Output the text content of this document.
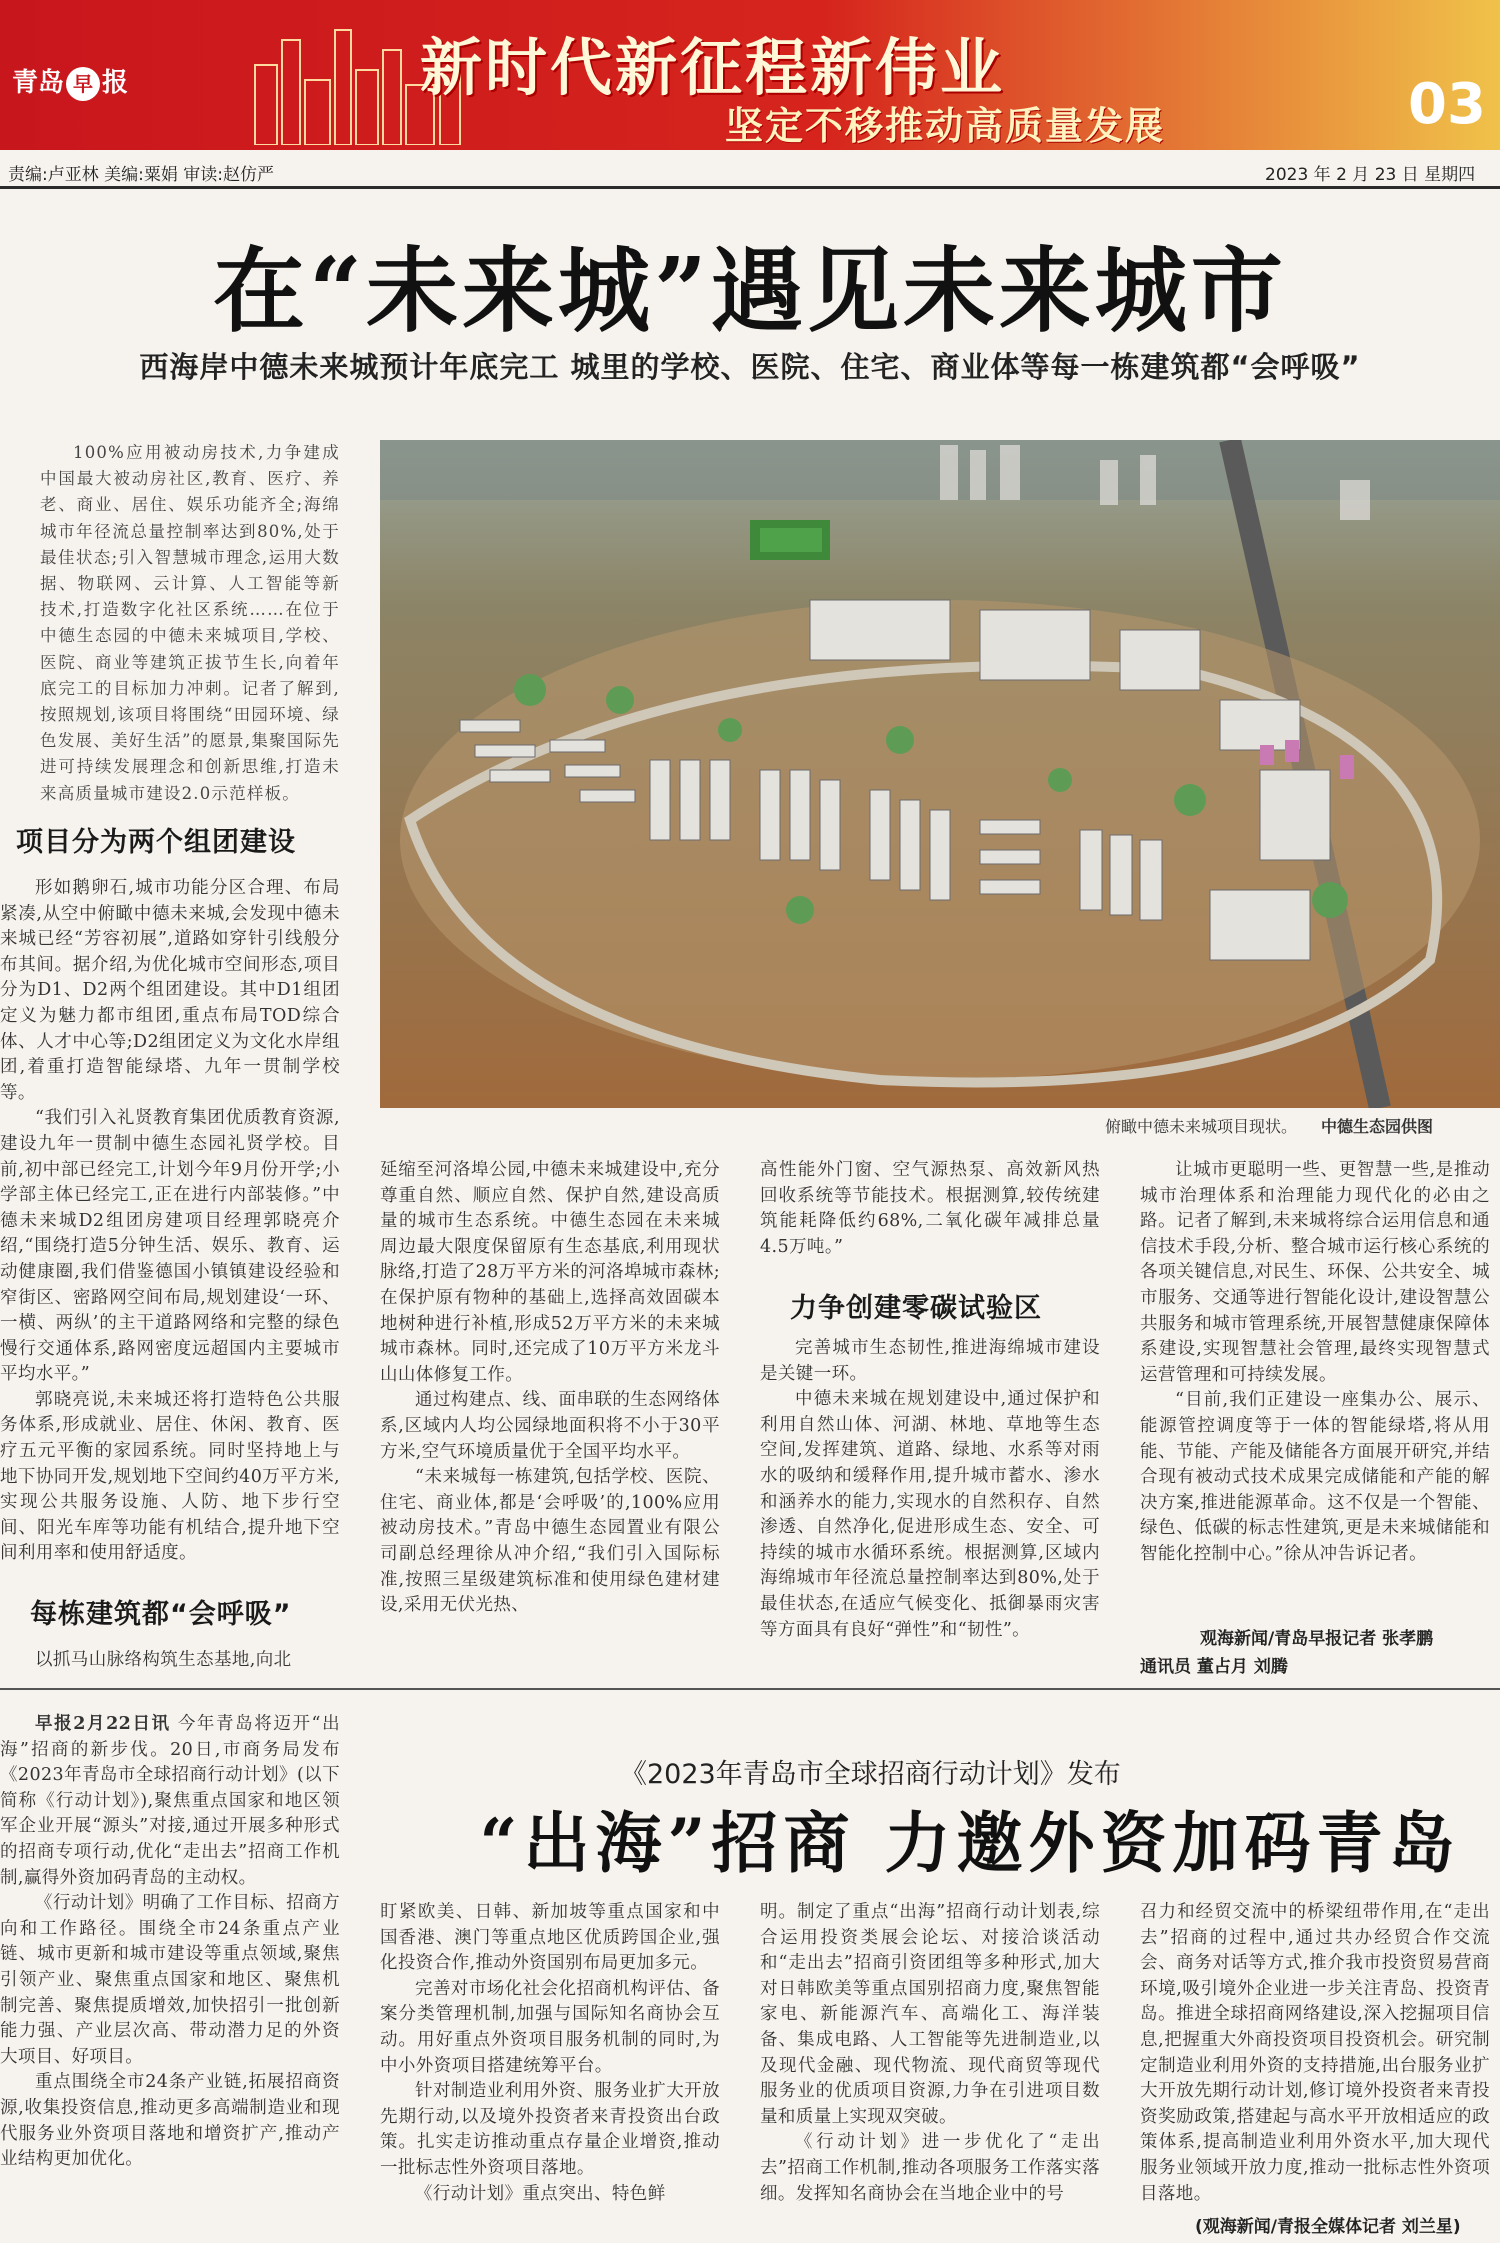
青岛 早 报	新时代新征程新伟业
坚定不移推动高质量发展	03
责编:卢亚林 美编:粟娟 审读:赵仿严	2023 年 2 月 23 日 星期四
在“未来城”遇见未来城市
西海岸中德未来城预计年底完工 城里的学校、医院、住宅、商业体等每一栋建筑都“会呼吸”

100%应用被动房技术,力争建成中国最大被动房社区,教育、医疗、养老、商业、居住、娱乐功能齐全;海绵城市年径流总量控制率达到80%,处于最佳状态;引入智慧城市理念,运用大数据、物联网、云计算、人工智能等新技术,打造数字化社区系统……在位于中德生态园的中德未来城项目,学校、医院、商业等建筑正拔节生长,向着年底完工的目标加力冲刺。记者了解到,按照规划,该项目将围绕“田园环境、绿色发展、美好生活”的愿景,集聚国际先进可持续发展理念和创新思维,打造未来高质量城市建设2.0示范样板。

项目分为两个组团建设

形如鹅卵石,城市功能分区合理、布局紧凑,从空中俯瞰中德未来城,会发现中德未来城已经“芳容初展”,道路如穿针引线般分布其间。据介绍,为优化城市空间形态,项目分为D1、D2两个组团建设。其中D1组团定义为魅力都市组团,重点布局TOD综合体、人才中心等;D2组团定义为文化水岸组团,着重打造智能绿塔、九年一贯制学校等。

“我们引入礼贤教育集团优质教育资源,建设九年一贯制中德生态园礼贤学校。目前,初中部已经完工,计划今年9月份开学;小学部主体已经完工,正在进行内部装修。”中德未来城D2组团房建项目经理郭晓亮介绍,“围绕打造5分钟生活、娱乐、教育、运动健康圈,我们借鉴德国小镇镇建设经验和窄街区、密路网空间布局,规划建设‘一环、一横、两纵’的主干道路网络和完整的绿色慢行交通体系,路网密度远超国内主要城市平均水平。”

郭晓亮说,未来城还将打造特色公共服务体系,形成就业、居住、休闲、教育、医疗五元平衡的家园系统。同时坚持地上与地下协同开发,规划地下空间约40万平方米,实现公共服务设施、人防、地下步行空间、阳光车库等功能有机结合,提升地下空间利用率和使用舒适度。

每栋建筑都“会呼吸”

以抓马山脉络构筑生态基地,向北

俯瞰中德未来城项目现状。 中德生态园供图

延缩至河洛埠公园,中德未来城建设中,充分尊重自然、顺应自然、保护自然,建设高质量的城市生态系统。中德生态园在未来城周边最大限度保留原有生态基底,利用现状脉络,打造了28万平方米的河洛埠城市森林;在保护原有物种的基础上,选择高效固碳本地树种进行补植,形成52万平方米的未来城城市森林。同时,还完成了10万平方米龙斗山山体修复工作。

通过构建点、线、面串联的生态网络体系,区域内人均公园绿地面积将不小于30平方米,空气环境质量优于全国平均水平。

“未来城每一栋建筑,包括学校、医院、住宅、商业体,都是‘会呼吸’的,100%应用被动房技术。”青岛中德生态园置业有限公司副总经理徐从冲介绍,“我们引入国际标准,按照三星级建筑标准和使用绿色建材建设,采用无伏光热、

高性能外门窗、空气源热泵、高效新风热回收系统等节能技术。根据测算,较传统建筑能耗降低约68%,二氧化碳年减排总量4.5万吨。”

力争创建零碳试验区

完善城市生态韧性,推进海绵城市建设是关键一环。

中德未来城在规划建设中,通过保护和利用自然山体、河湖、林地、草地等生态空间,发挥建筑、道路、绿地、水系等对雨水的吸纳和缓释作用,提升城市蓄水、渗水和涵养水的能力,实现水的自然积存、自然渗透、自然净化,促进形成生态、安全、可持续的城市水循环系统。根据测算,区域内海绵城市年径流总量控制率达到80%,处于最佳状态,在适应气候变化、抵御暴雨灾害等方面具有良好“弹性”和“韧性”。

让城市更聪明一些、更智慧一些,是推动城市治理体系和治理能力现代化的必由之路。记者了解到,未来城将综合运用信息和通信技术手段,分析、整合城市运行核心系统的各项关键信息,对民生、环保、公共安全、城市服务、交通等进行智能化设计,建设智慧公共服务和城市管理系统,开展智慧健康保障体系建设,实现智慧社会管理,最终实现智慧式运营管理和可持续发展。

“目前,我们正建设一座集办公、展示、能源管控调度等于一体的智能绿塔,将从用能、节能、产能及储能各方面展开研究,并结合现有被动式技术成果完成储能和产能的解决方案,推进能源革命。这不仅是一个智能、绿色、低碳的标志性建筑,更是未来城储能和智能化控制中心。”徐从冲告诉记者。

观海新闻/青岛早报记者 张孝鹏
通讯员 董占月 刘腾

早报2月22日讯 今年青岛将迈开“出海”招商的新步伐。20日,市商务局发布《2023年青岛市全球招商行动计划》(以下简称《行动计划》),聚焦重点国家和地区领军企业开展“源头”对接,通过开展多种形式的招商专项行动,优化“走出去”招商工作机制,赢得外资加码青岛的主动权。

《行动计划》明确了工作目标、招商方向和工作路径。围绕全市24条重点产业链、城市更新和城市建设等重点领域,聚焦引领产业、聚焦重点国家和地区、聚焦机制完善、聚焦提质增效,加快招引一批创新能力强、产业层次高、带动潜力足的外资大项目、好项目。

重点围绕全市24条产业链,拓展招商资源,收集投资信息,推动更多高端制造业和现代服务业外资项目落地和增资扩产,推动产业结构更加优化。

《2023年青岛市全球招商行动计划》发布
“出海”招商 力邀外资加码青岛

盯紧欧美、日韩、新加坡等重点国家和中国香港、澳门等重点地区优质跨国企业,强化投资合作,推动外资国别布局更加多元。

完善对市场化社会化招商机构评估、备案分类管理机制,加强与国际知名商协会互动。用好重点外资项目服务机制的同时,为中小外资项目搭建统筹平台。

针对制造业利用外资、服务业扩大开放先期行动,以及境外投资者来青投资出台政策。扎实走访推动重点存量企业增资,推动一批标志性外资项目落地。

《行动计划》重点突出、特色鲜

明。制定了重点“出海”招商行动计划表,综合运用投资类展会论坛、对接洽谈活动和“走出去”招商引资团组等多种形式,加大对日韩欧美等重点国别招商力度,聚焦智能家电、新能源汽车、高端化工、海洋装备、集成电路、人工智能等先进制造业,以及现代金融、现代物流、现代商贸等现代服务业的优质项目资源,力争在引进项目数量和质量上实现双突破。

《行动计划》进一步优化了“走出去”招商工作机制,推动各项服务工作落实落细。发挥知名商协会在当地企业中的号

召力和经贸交流中的桥梁纽带作用,在“走出去”招商的过程中,通过共办经贸合作交流会、商务对话等方式,推介我市投资贸易营商环境,吸引境外企业进一步关注青岛、投资青岛。推进全球招商网络建设,深入挖掘项目信息,把握重大外商投资项目投资机会。研究制定制造业利用外资的支持措施,出台服务业扩大开放先期行动计划,修订境外投资者来青投资奖励政策,搭建起与高水平开放相适应的政策体系,提高制造业利用外资水平,加大现代服务业领域开放力度,推动一批标志性外资项目落地。

(观海新闻/青报全媒体记者 刘兰星)
